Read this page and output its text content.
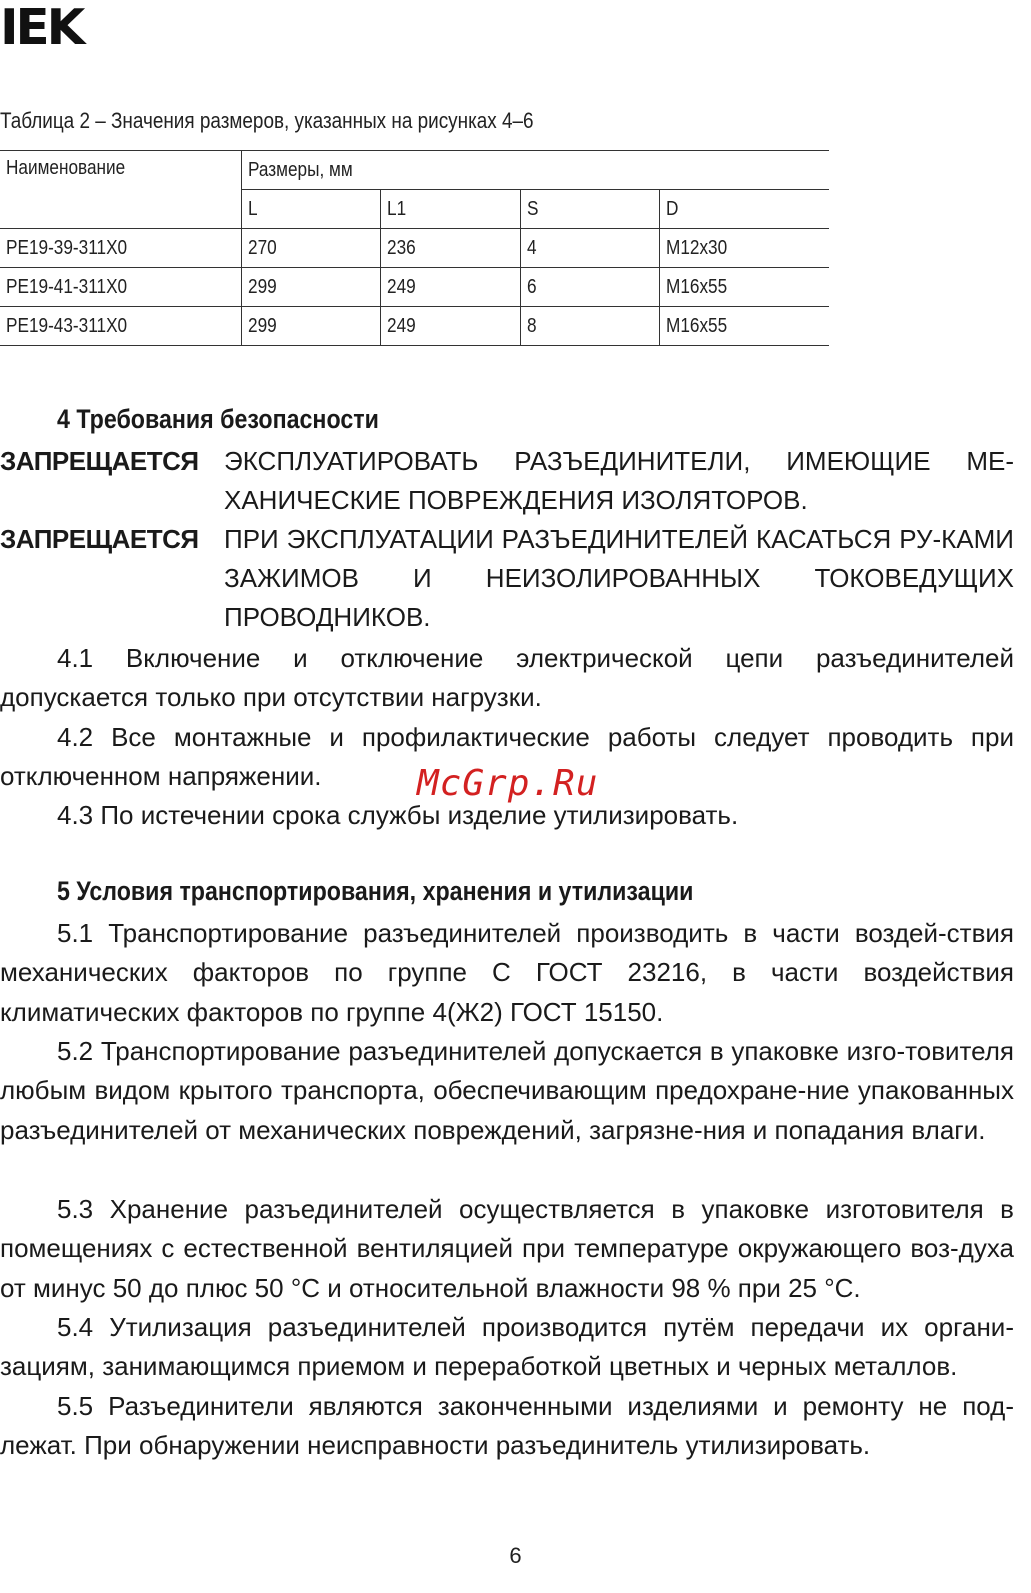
IEK
Таблица 2 – Значения размеров, указанных на рисунках 4–6
Наименование	Размеры, мм			
	L	L1	S	D
РЕ19-39-311Х0	270	236	4	М12х30
РЕ19-41-311Х0	299	249	6	М16х55
РЕ19-43-311Х0	299	249	8	М16х55
4 Требования безопасности
ЗАПРЕЩАЕТСЯ ЭКСПЛУАТИРОВАТЬ РАЗЪЕДИНИТЕЛИ, ИМЕЮЩИЕ МЕ-ХАНИЧЕСКИЕ ПОВРЕЖДЕНИЯ ИЗОЛЯТОРОВ.
ЗАПРЕЩАЕТСЯ ПРИ ЭКСПЛУАТАЦИИ РАЗЪЕДИНИТЕЛЕЙ КАСАТЬСЯ РУ-КАМИ ЗАЖИМОВ И НЕИЗОЛИРОВАННЫХ ТОКОВЕДУЩИХ ПРОВОДНИКОВ.
4.1 Включение и отключение электрической цепи разъединителей допускается только при отсутствии нагрузки.
4.2 Все монтажные и профилактические работы следует проводить при отключенном напряжении.
4.3 По истечении срока службы изделие утилизировать.
5 Условия транспортирования, хранения и утилизации
5.1 Транспортирование разъединителей производить в части воздей-ствия механических факторов по группе С ГОСТ 23216, в части воздействия климатических факторов по группе 4(Ж2) ГОСТ 15150.
5.2 Транспортирование разъединителей допускается в упаковке изго-товителя любым видом крытого транспорта, обеспечивающим предохране-ние упакованных разъединителей от механических повреждений, загрязне-ния и попадания влаги.
5.3 Хранение разъединителей осуществляется в упаковке изготовителя в помещениях с естественной вентиляцией при температуре окружающего воз-духа от минус 50 до плюс 50 °С и относительной влажности 98 % при 25 °С.
5.4 Утилизация разъединителей производится путём передачи их органи-зациям, занимающимся приемом и переработкой цветных и черных металлов.
5.5 Разъединители являются законченными изделиями и ремонту не под-лежат. При обнаружении неисправности разъединитель утилизировать.
McGrp.Ru
6
